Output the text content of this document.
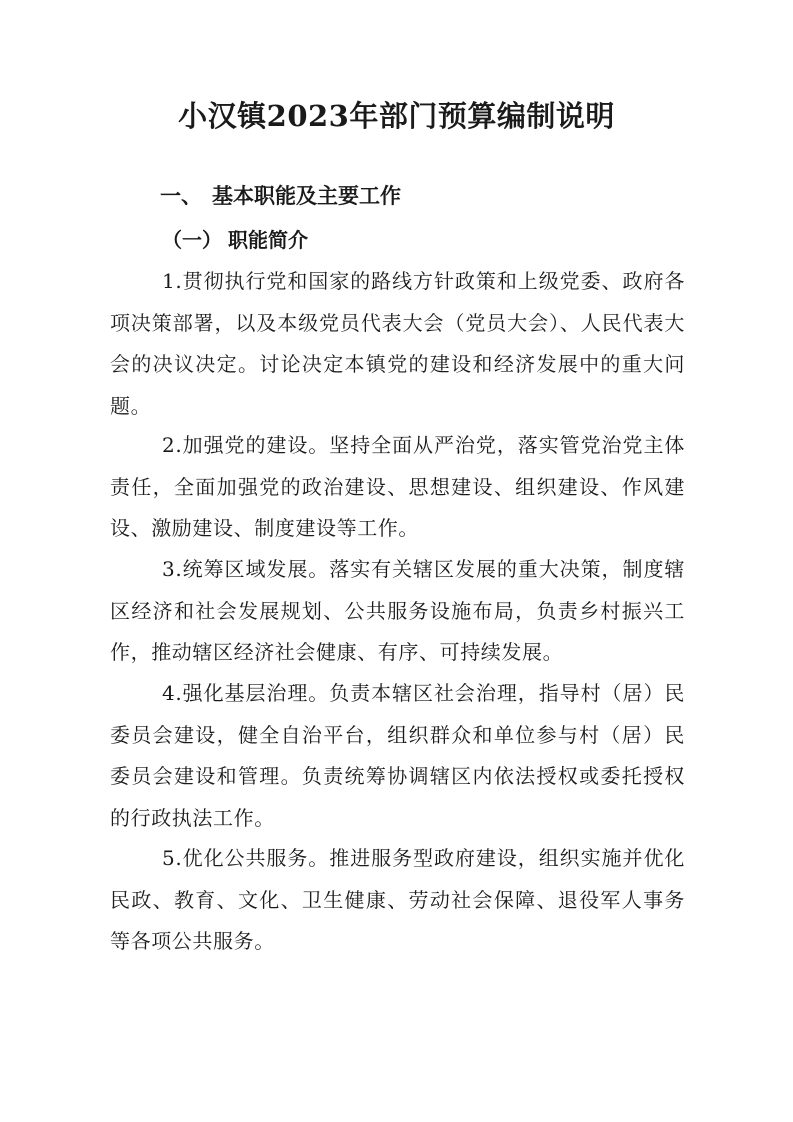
小汉镇2023年部门预算编制说明
一、 基本职能及主要工作
（一） 职能简介

1.贯彻执行党和国家的路线方针政策和上级党委、政府各项决策部署，以及本级党员代表大会（党员大会）、人民代表大会的决议决定。讨论决定本镇党的建设和经济发展中的重大问题。

2.加强党的建设。坚持全面从严治党，落实管党治党主体责任，全面加强党的政治建设、思想建设、组织建设、作风建设、激励建设、制度建设等工作。

3.统筹区域发展。落实有关辖区发展的重大决策，制度辖区经济和社会发展规划、公共服务设施布局，负责乡村振兴工作，推动辖区经济社会健康、有序、可持续发展。

4.强化基层治理。负责本辖区社会治理，指导村（居）民委员会建设，健全自治平台，组织群众和单位参与村（居）民委员会建设和管理。负责统筹协调辖区内依法授权或委托授权的行政执法工作。

5.优化公共服务。推进服务型政府建设，组织实施并优化民政、教育、文化、卫生健康、劳动社会保障、退役军人事务等各项公共服务。
